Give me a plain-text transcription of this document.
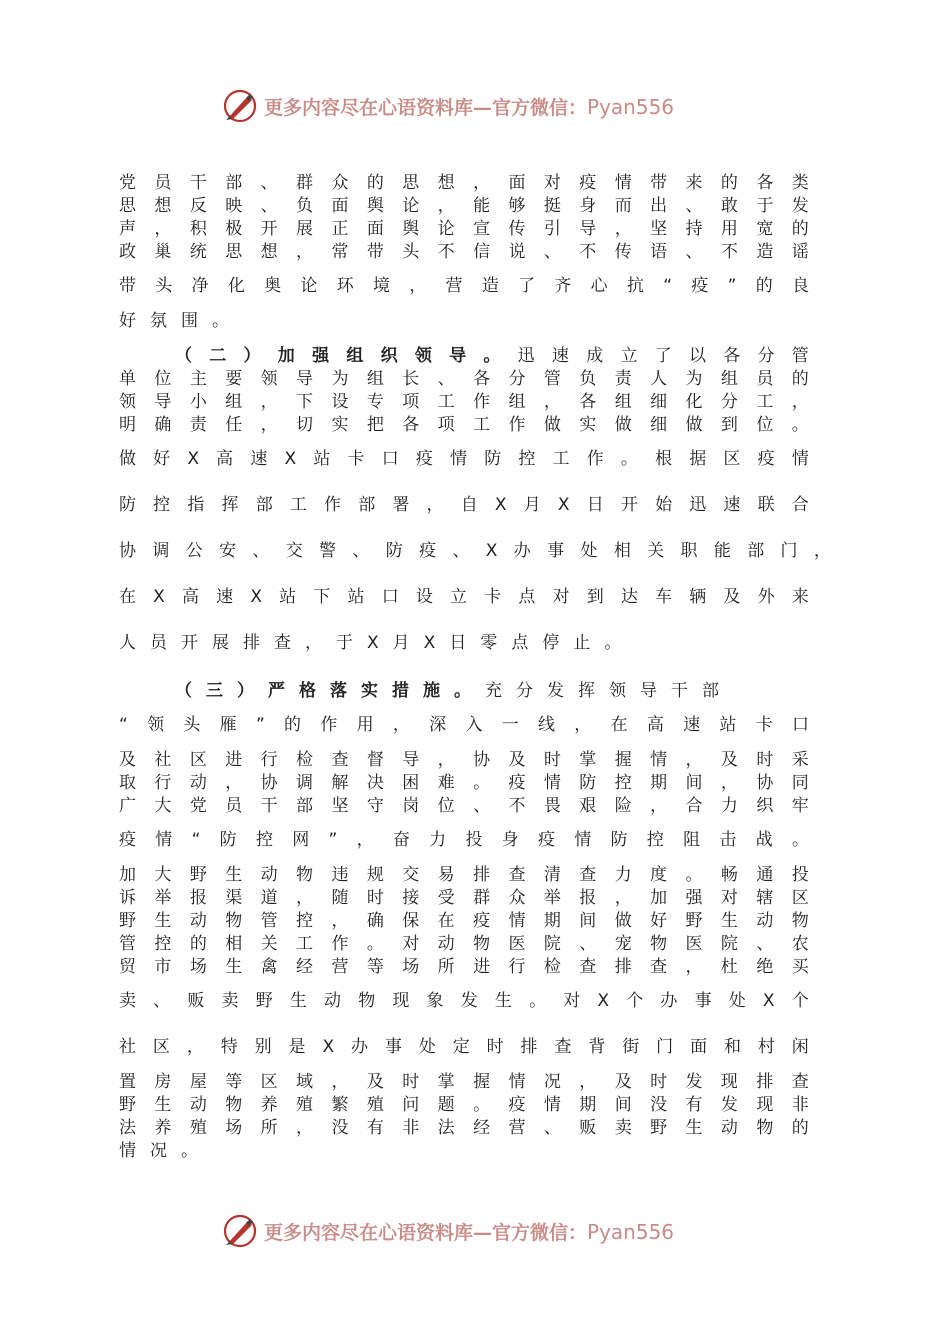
更多内容尽在心语资料库—官方微信：Pyan556
党 员 干 部 、 群 众 的 思 想 ， 面 对 疫 情 带 来 的 各 类
思 想 反 映 、 负 面 舆 论 ， 能 够 挺 身 而 出 、 敢 于 发
声 ， 积 极 开 展 正 面 舆 论 宣 传 引 导 ， 坚 持 用 宽 的
政 巢 统 思 想 ， 常 带 头 不 信 说 、 不 传 语 、 不 造 谣
带 头 净 化 奥 论 环 境 ， 营 造 了 齐 心 抗 “ 疫 ” 的 良
好 氛 围 。
（ 二 ） 加 强 组 织 领 导 。 迅 速 成 立 了 以 各 分 管
单 位 主 要 领 导 为 组 长 、 各 分 管 负 责 人 为 组 员 的
领 导 小 组 ， 下 设 专 项 工 作 组 ， 各 组 细 化 分 工 ，
明 确 责 任 ， 切 实 把 各 项 工 作 做 实 做 细 做 到 位 。
做 好 X 高 速 X 站 卡 口 疫 情 防 控 工 作 。 根 据 区 疫 情
防 控 指 挥 部 工 作 部 署 ， 自 X 月 X 日 开 始 迅 速 联 合
协 调 公 安 、 交 警 、 防 疫 、 X 办 事 处 相 关 职 能 部 门 ，
在 X 高 速 X 站 下 站 口 设 立 卡 点 对 到 达 车 辆 及 外 来
人 员 开 展 排 查 ， 于 X 月 X 日 零 点 停 止 。
（ 三 ） 严 格 落 实 措 施 。 充 分 发 挥 领 导 干 部
“ 领 头 雁 ” 的 作 用 ， 深 入 一 线 ， 在 高 速 站 卡 口
及 社 区 进 行 检 查 督 导 ， 协 及 时 掌 握 情 ， 及 时 采
取 行 动 ， 协 调 解 决 困 难 。 疫 情 防 控 期 间 ， 协 同
广 大 党 员 干 部 坚 守 岗 位 、 不 畏 艰 险 ， 合 力 织 牢
疫 情 “ 防 控 网 ” ， 奋 力 投 身 疫 情 防 控 阻 击 战 。
加 大 野 生 动 物 违 规 交 易 排 查 清 查 力 度 。 畅 通 投
诉 举 报 渠 道 ， 随 时 接 受 群 众 举 报 ， 加 强 对 辖 区
野 生 动 物 管 控 ， 确 保 在 疫 情 期 间 做 好 野 生 动 物
管 控 的 相 关 工 作 。 对 动 物 医 院 、 宠 物 医 院 、 农
贸 市 场 生 禽 经 营 等 场 所 进 行 检 查 排 查 ， 杜 绝 买
卖 、 贩 卖 野 生 动 物 现 象 发 生 。 对 X 个 办 事 处 X 个
社 区 ， 特 别 是 X 办 事 处 定 时 排 查 背 街 门 面 和 村 闲
置 房 屋 等 区 域 ， 及 时 掌 握 情 况 ， 及 时 发 现 排 查
野 生 动 物 养 殖 繁 殖 问 题 。 疫 情 期 间 没 有 发 现 非
法 养 殖 场 所 ， 没 有 非 法 经 营 、 贩 卖 野 生 动 物 的
情 况 。
更多内容尽在心语资料库—官方微信：Pyan556
